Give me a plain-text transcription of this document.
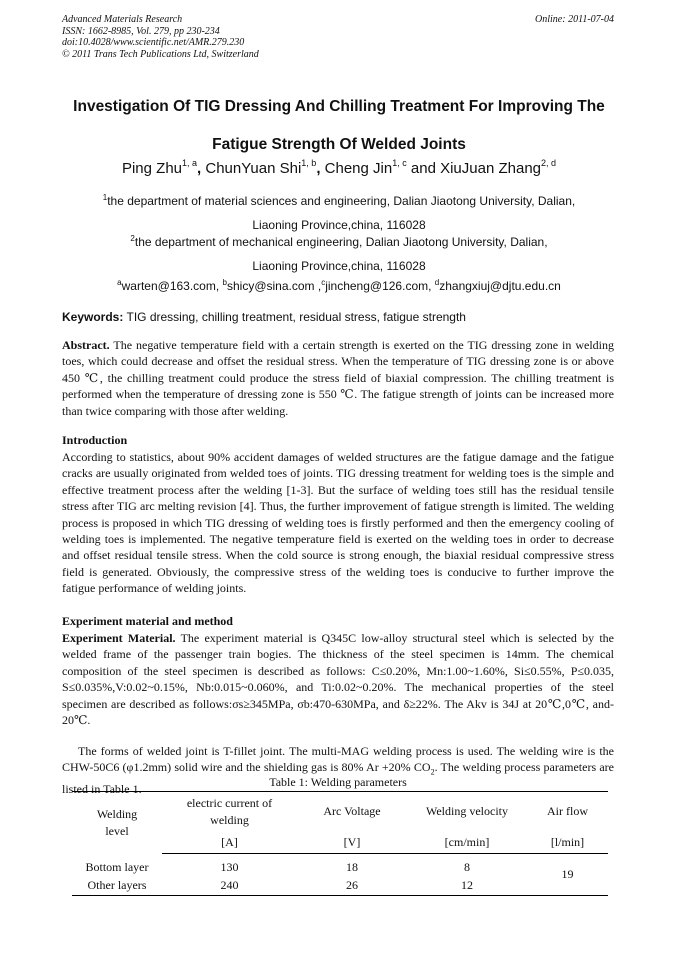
Advanced Materials Research
ISSN: 1662-8985, Vol. 279, pp 230-234
doi:10.4028/www.scientific.net/AMR.279.230
© 2011 Trans Tech Publications Ltd, Switzerland
Online: 2011-07-04
Investigation Of TIG Dressing And Chilling Treatment For Improving The
Fatigue Strength Of Welded Joints
Ping Zhu$^{1, a}$, ChunYuan Shi$^{1, b}$, Cheng Jin$^{1, c}$ and XiuJuan Zhang$^{2, d}$
$^1$the department of material sciences and engineering, Dalian Jiaotong University, Dalian,
Liaoning Province,china, 116028
$^2$the department of mechanical engineering, Dalian Jiaotong University, Dalian,
Liaoning Province,china, 116028
$^a$warten@163.com, $^b$shicy@sina.com ,$^c$jincheng@126.com, $^d$zhangxiuj@djtu.edu.cn
Keywords: TIG dressing, chilling treatment, residual stress, fatigue strength
Abstract. The negative temperature field with a certain strength is exerted on the TIG dressing zone in welding toes, which could decrease and offset the residual stress. When the temperature of TIG dressing zone is or above 450 ℃, the chilling treatment could produce the stress field of biaxial compression. The chilling treatment is performed when the temperature of dressing zone is 550 ℃. The fatigue strength of joints can be increased more than twice comparing with those after welding.
Introduction
According to statistics, about 90% accident damages of welded structures are the fatigue damage and the fatigue cracks are usually originated from welded toes of joints. TIG dressing treatment for welding toes is the simple and effective treatment process after the welding [1-3]. But the surface of welding toes still has the residual tensile stress after TIG arc melting revision [4]. Thus, the further improvement of fatigue strength is limited. The welding process is proposed in which TIG dressing of welding toes is firstly performed and then the emergency cooling of welding toes is implemented. The negative temperature field is exerted on the welding toes in order to decrease and offset residual tensile stress. When the cold source is strong enough, the biaxial residual compressive stress field is generated. Obviously, the compressive stress of the welding toes is conducive to further improve the fatigue performance of welding joints.
Experiment material and method
Experiment Material. The experiment material is Q345C low-alloy structural steel which is selected by the welded frame of the passenger train bogies. The thickness of the steel specimen is 14mm. The chemical composition of the steel specimen is described as follows: C≤0.20%, Mn:1.00~1.60%, Si≤0.55%, P≤0.035, S≤0.035%,V:0.02~0.15%, Nb:0.015~0.060%, and Ti:0.02~0.20%. The mechanical properties of the steel specimen are described as follows:σs≥345MPa, σb:470-630MPa, and δ≥22%. The Akv is 34J at 20℃,0℃, and-20℃.
The forms of welded joint is T-fillet joint. The multi-MAG welding process is used. The welding wire is the CHW-50C6 (φ1.2mm) solid wire and the shielding gas is 80% Ar +20% $CO_2$. The welding process parameters are listed in Table 1.
Table 1: Welding parameters
Welding level	electric current of welding	Arc Voltage	Welding velocity	Air flow
	[A]	[V]	[cm/min]	[l/min]
Bottom layer	130	18	8	19
Other layers	240	26	12	
